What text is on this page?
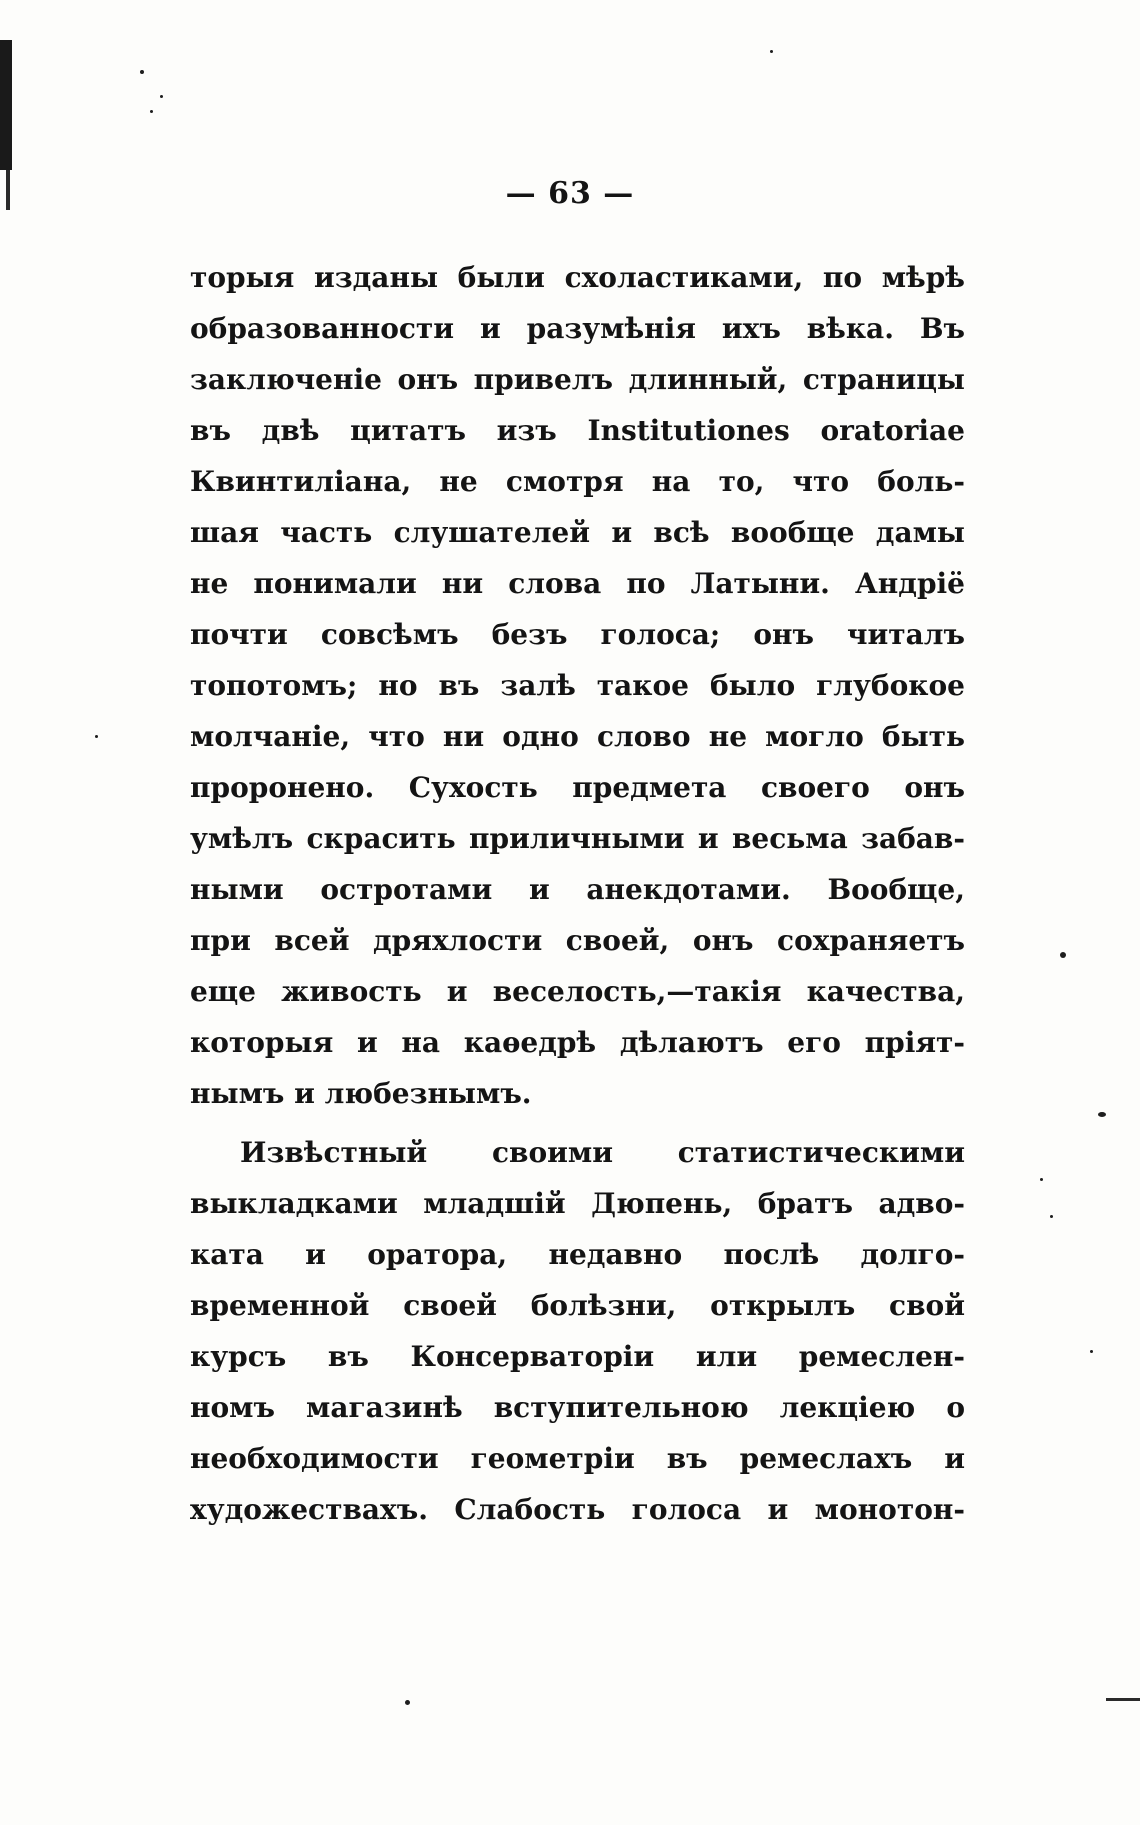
— 63 —
торыя изданы были схоластиками, по мѣрѣ
образованности и разумѣнія ихъ вѣка. Въ
заключеніе онъ привелъ длинный, страницы
въ двѣ цитатъ изъ Institutiones oratoriae
Квинтиліана, не смотря на то, что боль-
шая часть слушателей и всѣ вообще дамы
не понимали ни слова по Латыни. Андріё
почти совсѣмъ безъ голоса; онъ читалъ
топотомъ; но въ залѣ такое было глубокое
молчаніе, что ни одно слово не могло быть
проронено. Сухость предмета своего онъ
умѣлъ скрасить приличными и весьма забав-
ными остротами и анекдотами. Вообще,
при всей дряхлости своей, онъ сохраняетъ
еще живость и веселость,—такія качества,
которыя и на каѳедрѣ дѣлаютъ его пріят-
нымъ и любезнымъ.
Извѣстный своими статистическими
выкладками младшій Дюпень, братъ адво-
ката и оратора, недавно послѣ долго-
временной своей болѣзни, открылъ свой
курсъ въ Консерваторіи или ремеслен-
номъ магазинѣ вступительною лекціею о
необходимости геометріи въ ремеслахъ и
художествахъ. Слабость голоса и монотон-
